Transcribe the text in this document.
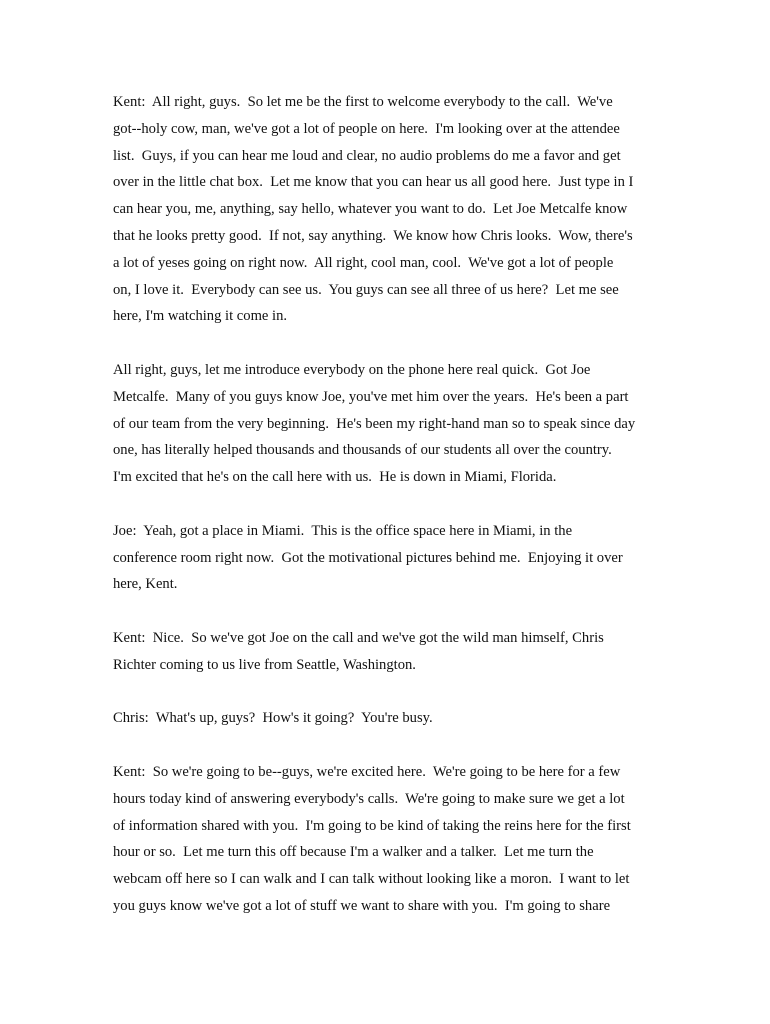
Kent:  All right, guys.  So let me be the first to welcome everybody to the call.  We've
got--holy cow, man, we've got a lot of people on here.  I'm looking over at the attendee
list.  Guys, if you can hear me loud and clear, no audio problems do me a favor and get
over in the little chat box.  Let me know that you can hear us all good here.  Just type in I
can hear you, me, anything, say hello, whatever you want to do.  Let Joe Metcalfe know
that he looks pretty good.  If not, say anything.  We know how Chris looks.  Wow, there's
a lot of yeses going on right now.  All right, cool man, cool.  We've got a lot of people
on, I love it.  Everybody can see us.  You guys can see all three of us here?  Let me see
here, I'm watching it come in.
All right, guys, let me introduce everybody on the phone here real quick.  Got Joe
Metcalfe.  Many of you guys know Joe, you've met him over the years.  He's been a part
of our team from the very beginning.  He's been my right-hand man so to speak since day
one, has literally helped thousands and thousands of our students all over the country.
I'm excited that he's on the call here with us.  He is down in Miami, Florida.
Joe:  Yeah, got a place in Miami.  This is the office space here in Miami, in the
conference room right now.  Got the motivational pictures behind me.  Enjoying it over
here, Kent.
Kent:  Nice.  So we've got Joe on the call and we've got the wild man himself, Chris
Richter coming to us live from Seattle, Washington.
Chris:  What's up, guys?  How's it going?  You're busy.
Kent:  So we're going to be--guys, we're excited here.  We're going to be here for a few
hours today kind of answering everybody's calls.  We're going to make sure we get a lot
of information shared with you.  I'm going to be kind of taking the reins here for the first
hour or so.  Let me turn this off because I'm a walker and a talker.  Let me turn the
webcam off here so I can walk and I can talk without looking like a moron.  I want to let
you guys know we've got a lot of stuff we want to share with you.  I'm going to share
